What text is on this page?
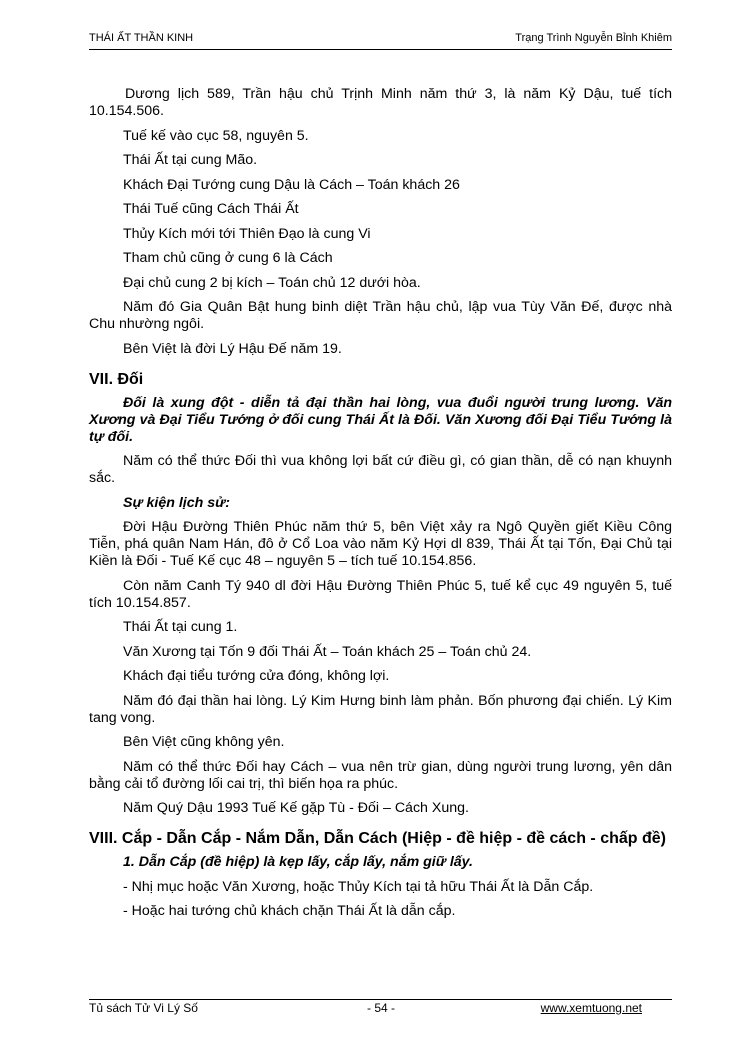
THÁI ẤT THẦN KINH	Trạng Trình Nguyễn Bỉnh Khiêm

Dương lịch 589, Trần hậu chủ Trịnh Minh năm thứ 3, là năm Kỷ Dậu, tuế tích 10.154.506.

Tuế kế vào cục 58, nguyên 5.

Thái Ất tại cung Mão.

Khách Đại Tướng cung Dậu là Cách – Toán khách 26

Thái Tuế cũng Cách Thái Ất

Thủy Kích mới tới Thiên Đạo là cung Vi

Tham chủ cũng ở cung 6 là Cách

Đại chủ cung 2 bị kích – Toán chủ 12 dưới hòa.

Năm đó Gia Quân Bật hung binh diệt Trần hậu chủ, lập vua Tùy Văn Đế, được nhà Chu nhường ngôi.

Bên Việt là đời Lý Hậu Đế năm 19.

VII. Đối

Đối là xung đột - diễn tả đại thần hai lòng, vua đuổi người trung lương. Văn Xương và Đại Tiểu Tướng ở đối cung Thái Ất là Đối. Văn Xương đối Đại Tiểu Tướng là tự đối.

Năm có thể thức Đối thì vua không lợi bất cứ điều gì, có gian thần, dễ có nạn khuynh sắc.

Sự kiện lịch sử:

Đời Hậu Đường Thiên Phúc năm thứ 5, bên Việt xảy ra Ngô Quyền giết Kiều Công Tiễn, phá quân Nam Hán, đô ở Cổ Loa vào năm Kỷ Hợi dl 839, Thái Ất tại Tốn, Đại Chủ tại Kiền là Đối - Tuế Kế cục 48 – nguyên 5 – tích tuế 10.154.856.

Còn năm Canh Tý 940 dl đời Hậu Đường Thiên Phúc 5, tuế kể cục 49 nguyên 5, tuế tích 10.154.857.

Thái Ất tại cung 1.

Văn Xương tại Tốn 9 đối Thái Ất – Toán khách 25 – Toán chủ 24.

Khách đại tiểu tướng cửa đóng, không lợi.

Năm đó đại thần hai lòng. Lý Kim Hưng binh làm phản. Bốn phương đại chiến. Lý Kim tang vong.

Bên Việt cũng không yên.

Năm có thể thức Đối hay Cách – vua nên trừ gian, dùng người trung lương, yên dân bằng cải tổ đường lối cai trị, thì biến họa ra phúc.

Năm Quý Dậu 1993 Tuế Kế gặp Tù - Đối – Cách Xung.

VIII. Cắp - Dẫn Cắp - Nắm Dẫn, Dẫn Cách (Hiệp - đề hiệp - đề cách - chấp đề)

1. Dẫn Cắp (đề hiệp) là kẹp lấy, cắp lấy, nắm giữ lấy.

- Nhị mục hoặc Văn Xương, hoặc Thủy Kích tại tả hữu Thái Ất là Dẫn Cắp.

- Hoặc hai tướng chủ khách chặn Thái Ất là dẫn cắp.

Tủ sách Tử Vi Lý Số	- 54 -	www.xemtuong.net
